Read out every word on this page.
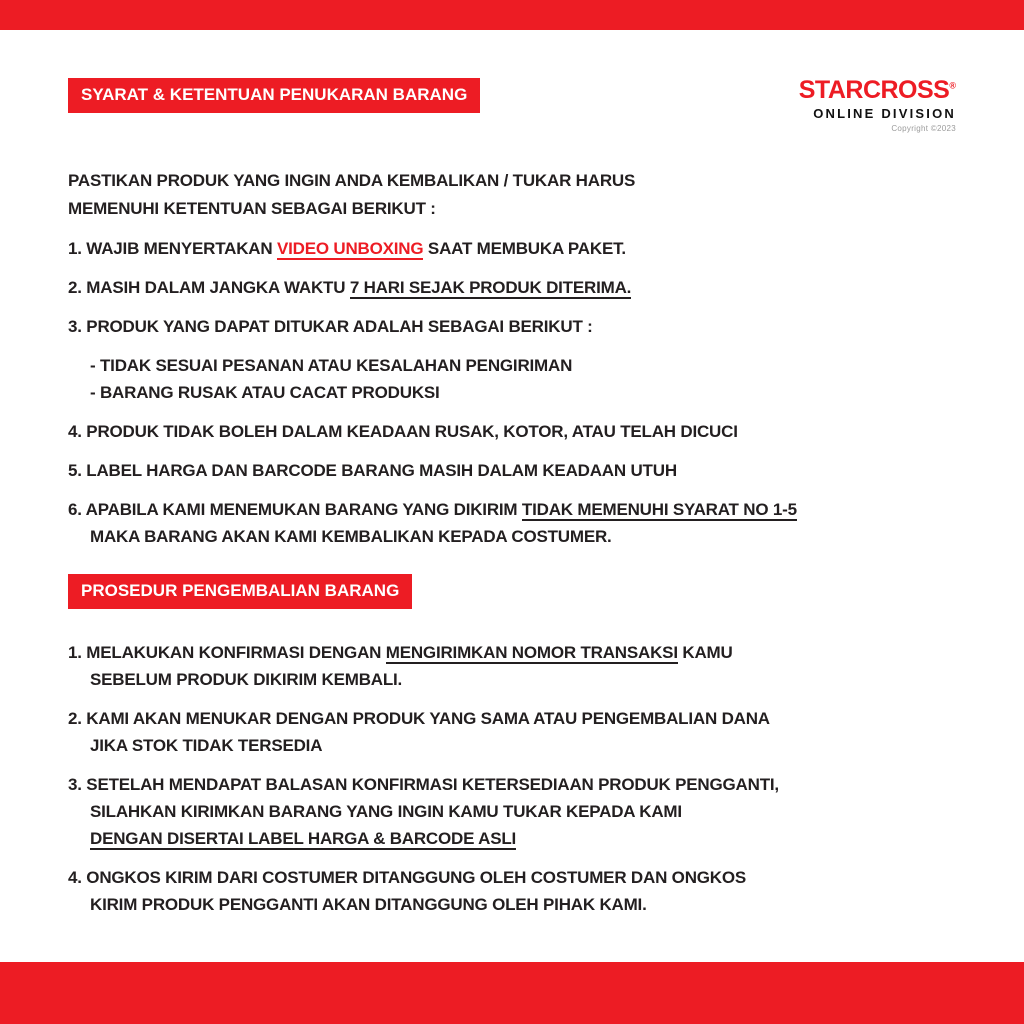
SYARAT & KETENTUAN PENUKARAN BARANG	STARCROSS®
ONLINE DIVISION
Copyright ©2023

PASTIKAN PRODUK YANG INGIN ANDA KEMBALIKAN / TUKAR HARUS
MEMENUHI KETENTUAN SEBAGAI BERIKUT :

1. WAJIB MENYERTAKAN VIDEO UNBOXING SAAT MEMBUKA PAKET.

2. MASIH DALAM JANGKA WAKTU 7 HARI SEJAK PRODUK DITERIMA.

3. PRODUK YANG DAPAT DITUKAR ADALAH SEBAGAI BERIKUT :
- TIDAK SESUAI PESANAN ATAU KESALAHAN PENGIRIMAN
- BARANG RUSAK ATAU CACAT PRODUKSI

4. PRODUK TIDAK BOLEH DALAM KEADAAN RUSAK, KOTOR, ATAU TELAH DICUCI

5. LABEL HARGA DAN BARCODE BARANG MASIH DALAM KEADAAN UTUH

6. APABILA KAMI MENEMUKAN BARANG YANG DIKIRIM TIDAK MEMENUHI SYARAT NO 1-5
MAKA BARANG AKAN KAMI KEMBALIKAN KEPADA COSTUMER.

PROSEDUR PENGEMBALIAN BARANG

1. MELAKUKAN KONFIRMASI DENGAN MENGIRIMKAN NOMOR TRANSAKSI KAMU
SEBELUM PRODUK DIKIRIM KEMBALI.

2. KAMI AKAN MENUKAR DENGAN PRODUK YANG SAMA ATAU PENGEMBALIAN DANA
JIKA STOK TIDAK TERSEDIA

3. SETELAH MENDAPAT BALASAN KONFIRMASI KETERSEDIAAN PRODUK PENGGANTI,
SILAHKAN KIRIMKAN BARANG YANG INGIN KAMU TUKAR KEPADA KAMI
DENGAN DISERTAI LABEL HARGA & BARCODE ASLI

4. ONGKOS KIRIM DARI COSTUMER DITANGGUNG OLEH COSTUMER DAN ONGKOS
KIRIM PRODUK PENGGANTI AKAN DITANGGUNG OLEH PIHAK KAMI.
